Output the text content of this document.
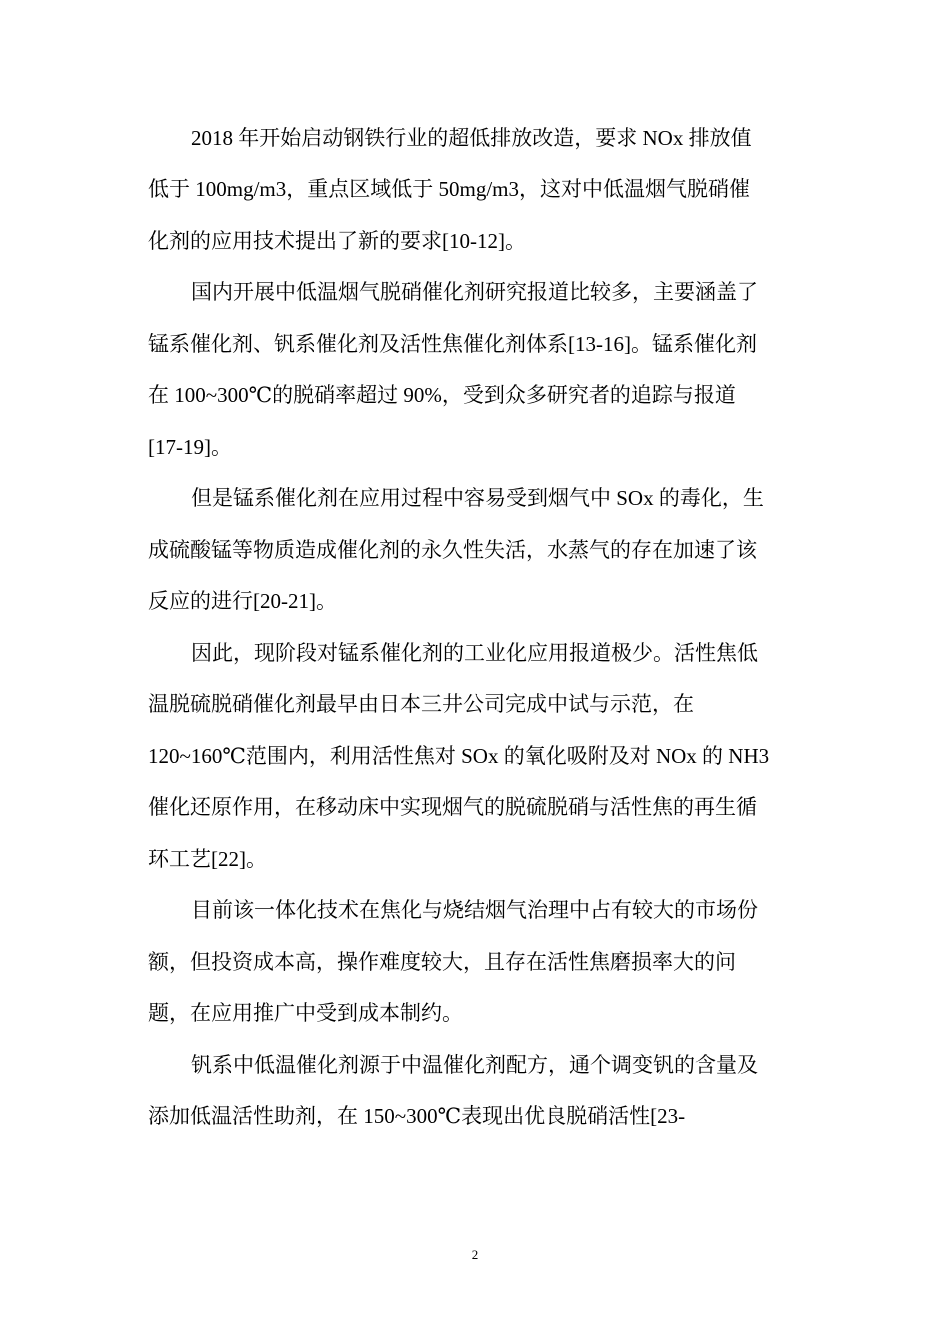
2018 年开始启动钢铁行业的超低排放改造，要求 NOx 排放值
低于 100mg/m3，重点区域低于 50mg/m3，这对中低温烟气脱硝催
化剂的应用技术提出了新的要求[10-12]。
国内开展中低温烟气脱硝催化剂研究报道比较多，主要涵盖了
锰系催化剂、钒系催化剂及活性焦催化剂体系[13-16]。锰系催化剂
在 100~300℃的脱硝率超过 90%，受到众多研究者的追踪与报道
[17-19]。
但是锰系催化剂在应用过程中容易受到烟气中 SOx 的毒化，生
成硫酸锰等物质造成催化剂的永久性失活，水蒸气的存在加速了该
反应的进行[20-21]。
因此，现阶段对锰系催化剂的工业化应用报道极少。活性焦低
温脱硫脱硝催化剂最早由日本三井公司完成中试与示范，在
120~160℃范围内，利用活性焦对 SOx 的氧化吸附及对 NOx 的 NH3
催化还原作用，在移动床中实现烟气的脱硫脱硝与活性焦的再生循
环工艺[22]。
目前该一体化技术在焦化与烧结烟气治理中占有较大的市场份
额，但投资成本高，操作难度较大，且存在活性焦磨损率大的问
题，在应用推广中受到成本制约。
钒系中低温催化剂源于中温催化剂配方，通个调变钒的含量及
添加低温活性助剂，在 150~300℃表现出优良脱硝活性[23-
2
